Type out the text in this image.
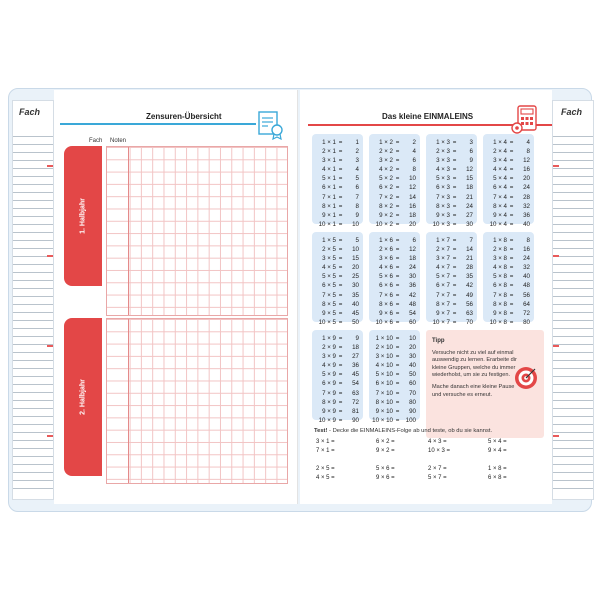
Fach	Fach
Zensuren-Übersicht
Fach Noten
1. Halbjahr
2. Halbjahr
Das kleine EINMALEINS
1 × 1 =	1
2 × 1 =	2
3 × 1 =	3
4 × 1 =	4
5 × 1 =	5
6 × 1 =	6
7 × 1 =	7
8 × 1 =	8
9 × 1 =	9
10 × 1 =	10
1 × 2 =	2
2 × 2 =	4
3 × 2 =	6
4 × 2 =	8
5 × 2 =	10
6 × 2 =	12
7 × 2 =	14
8 × 2 =	16
9 × 2 =	18
10 × 2 =	20
1 × 3 =	3
2 × 3 =	6
3 × 3 =	9
4 × 3 =	12
5 × 3 =	15
6 × 3 =	18
7 × 3 =	21
8 × 3 =	24
9 × 3 =	27
10 × 3 =	30
1 × 4 =	4
2 × 4 =	8
3 × 4 =	12
4 × 4 =	16
5 × 4 =	20
6 × 4 =	24
7 × 4 =	28
8 × 4 =	32
9 × 4 =	36
10 × 4 =	40
1 × 5 =	5
2 × 5 =	10
3 × 5 =	15
4 × 5 =	20
5 × 5 =	25
6 × 5 =	30
7 × 5 =	35
8 × 5 =	40
9 × 5 =	45
10 × 5 =	50
1 × 6 =	6
2 × 6 =	12
3 × 6 =	18
4 × 6 =	24
5 × 6 =	30
6 × 6 =	36
7 × 6 =	42
8 × 6 =	48
9 × 6 =	54
10 × 6 =	60
1 × 7 =	7
2 × 7 =	14
3 × 7 =	21
4 × 7 =	28
5 × 7 =	35
6 × 7 =	42
7 × 7 =	49
8 × 7 =	56
9 × 7 =	63
10 × 7 =	70
1 × 8 =	8
2 × 8 =	16
3 × 8 =	24
4 × 8 =	32
5 × 8 =	40
6 × 8 =	48
7 × 8 =	56
8 × 8 =	64
9 × 8 =	72
10 × 8 =	80
1 × 9 =	9
2 × 9 =	18
3 × 9 =	27
4 × 9 =	36
5 × 9 =	45
6 × 9 =	54
7 × 9 =	63
8 × 9 =	72
9 × 9 =	81
10 × 9 =	90
1 × 10 =	10
2 × 10 =	20
3 × 10 =	30
4 × 10 =	40
5 × 10 =	50
6 × 10 =	60
7 × 10 =	70
8 × 10 =	80
9 × 10 =	90
10 × 10 =	100
Tipp

Versuche nicht zu viel auf einmal auswendig zu lernen. Erarbeite dir kleine Gruppen, welche du immer wiederholst, um sie zu festigen.

Mache danach eine kleine Pause und versuche es erneut.

Test! - Decke die EINMALEINS-Folge ab und teste, ob du sie kannst.
3 × 1 =
7 × 1 =

2 × 5 =
4 × 5 =
6 × 2 =
9 × 2 =

5 × 6 =
9 × 6 =
4 × 3 =
10 × 3 =

2 × 7 =
5 × 7 =
5 × 4 =
9 × 4 =

1 × 8 =
6 × 8 =
